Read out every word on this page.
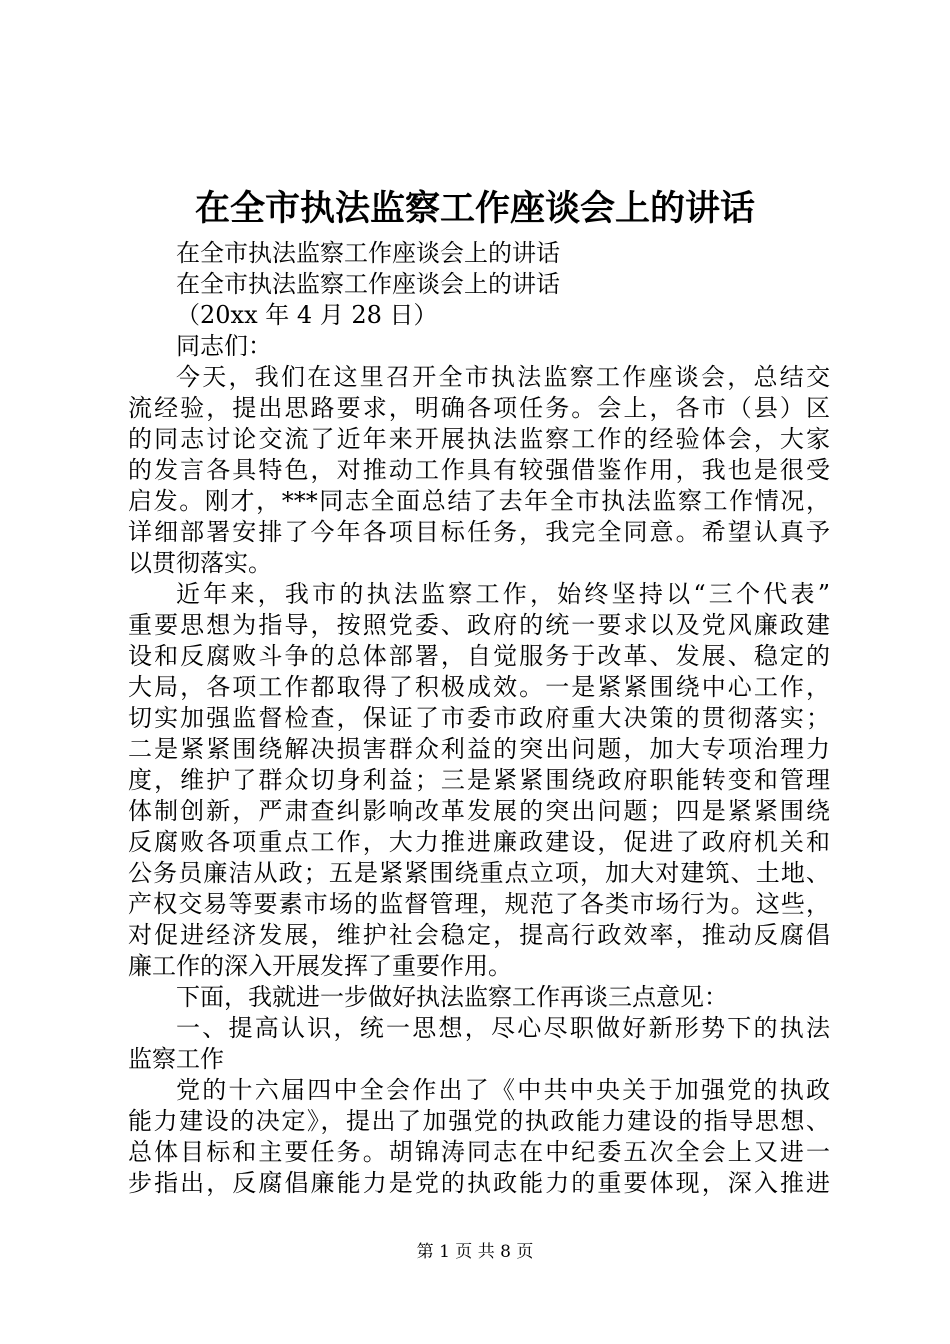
在全市执法监察工作座谈会上的讲话
在全市执法监察工作座谈会上的讲话
在全市执法监察工作座谈会上的讲话
（20xx 年 4 月 28 日）
同志们：
今天，我们在这里召开全市执法监察工作座谈会，总结交
流经验，提出思路要求，明确各项任务。会上，各市（县）区
的同志讨论交流了近年来开展执法监察工作的经验体会，大家
的发言各具特色，对推动工作具有较强借鉴作用，我也是很受
启发。刚才，***同志全面总结了去年全市执法监察工作情况，
详细部署安排了今年各项目标任务，我完全同意。希望认真予
以贯彻落实。
近年来，我市的执法监察工作，始终坚持以“三个代表”
重要思想为指导，按照党委、政府的统一要求以及党风廉政建
设和反腐败斗争的总体部署，自觉服务于改革、发展、稳定的
大局，各项工作都取得了积极成效。一是紧紧围绕中心工作，
切实加强监督检查，保证了市委市政府重大决策的贯彻落实；
二是紧紧围绕解决损害群众利益的突出问题，加大专项治理力
度，维护了群众切身利益；三是紧紧围绕政府职能转变和管理
体制创新，严肃查纠影响改革发展的突出问题；四是紧紧围绕
反腐败各项重点工作，大力推进廉政建设，促进了政府机关和
公务员廉洁从政；五是紧紧围绕重点立项，加大对建筑、土地、
产权交易等要素市场的监督管理，规范了各类市场行为。这些，
对促进经济发展，维护社会稳定，提高行政效率，推动反腐倡
廉工作的深入开展发挥了重要作用。
下面，我就进一步做好执法监察工作再谈三点意见：
一、提高认识，统一思想，尽心尽职做好新形势下的执法
监察工作
党的十六届四中全会作出了《中共中央关于加强党的执政
能力建设的决定》，提出了加强党的执政能力建设的指导思想、
总体目标和主要任务。胡锦涛同志在中纪委五次全会上又进一
步指出，反腐倡廉能力是党的执政能力的重要体现，深入推进
第 1 页 共 8 页
